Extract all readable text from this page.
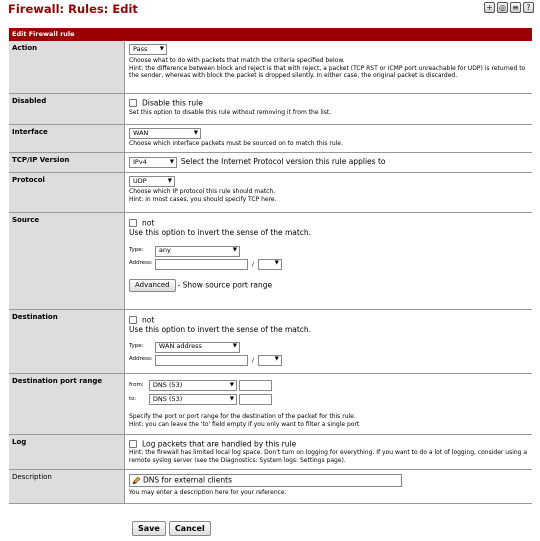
Firewall: Rules: Edit	+ ◎ ≡ ?
Edit Firewall rule
Action	Pass ▼
Choose what to do with packets that match the criteria specified below.
Hint: the difference between block and reject is that with reject, a packet (TCP RST or ICMP port unreachable for UDP) is returned to the sender, whereas with block the packet is dropped silently. In either case, the original packet is discarded.
Disabled	Disable this rule
Set this option to disable this rule without removing it from the list.
Interface	WAN	▼
Choose which interface packets must be sourced on to match this rule.
TCP/IP Version	IPv4	▼ Select the Internet Protocol version this rule applies to
Protocol	UDP	▼
Choose which IP protocol this rule should match.
Hint: in most cases, you should specify TCP here.
Source	not
Use this option to invert the sense of the match.
Type: any	▼
Address:	/	▼
Advanced - Show source port range
Destination	not
Use this option to invert the sense of the match.
Type: WAN address	▼
Address:	/	▼
Destination port range	from: DNS (53)	▼

to:	DNS (53)	▼

Specify the port or port range for the destination of the packet for this rule.
Hint: you can leave the 'to' field empty if you only want to filter a single port
Log	Log packets that are handled by this rule
Hint: the firewall has limited local log space. Don't turn on logging for everything. If you want to do a lot of logging, consider using a remote syslog server (see the Diagnostics: System logs: Settings page).
Description	DNS for external clients
You may enter a description here for your reference.
Save	Cancel
